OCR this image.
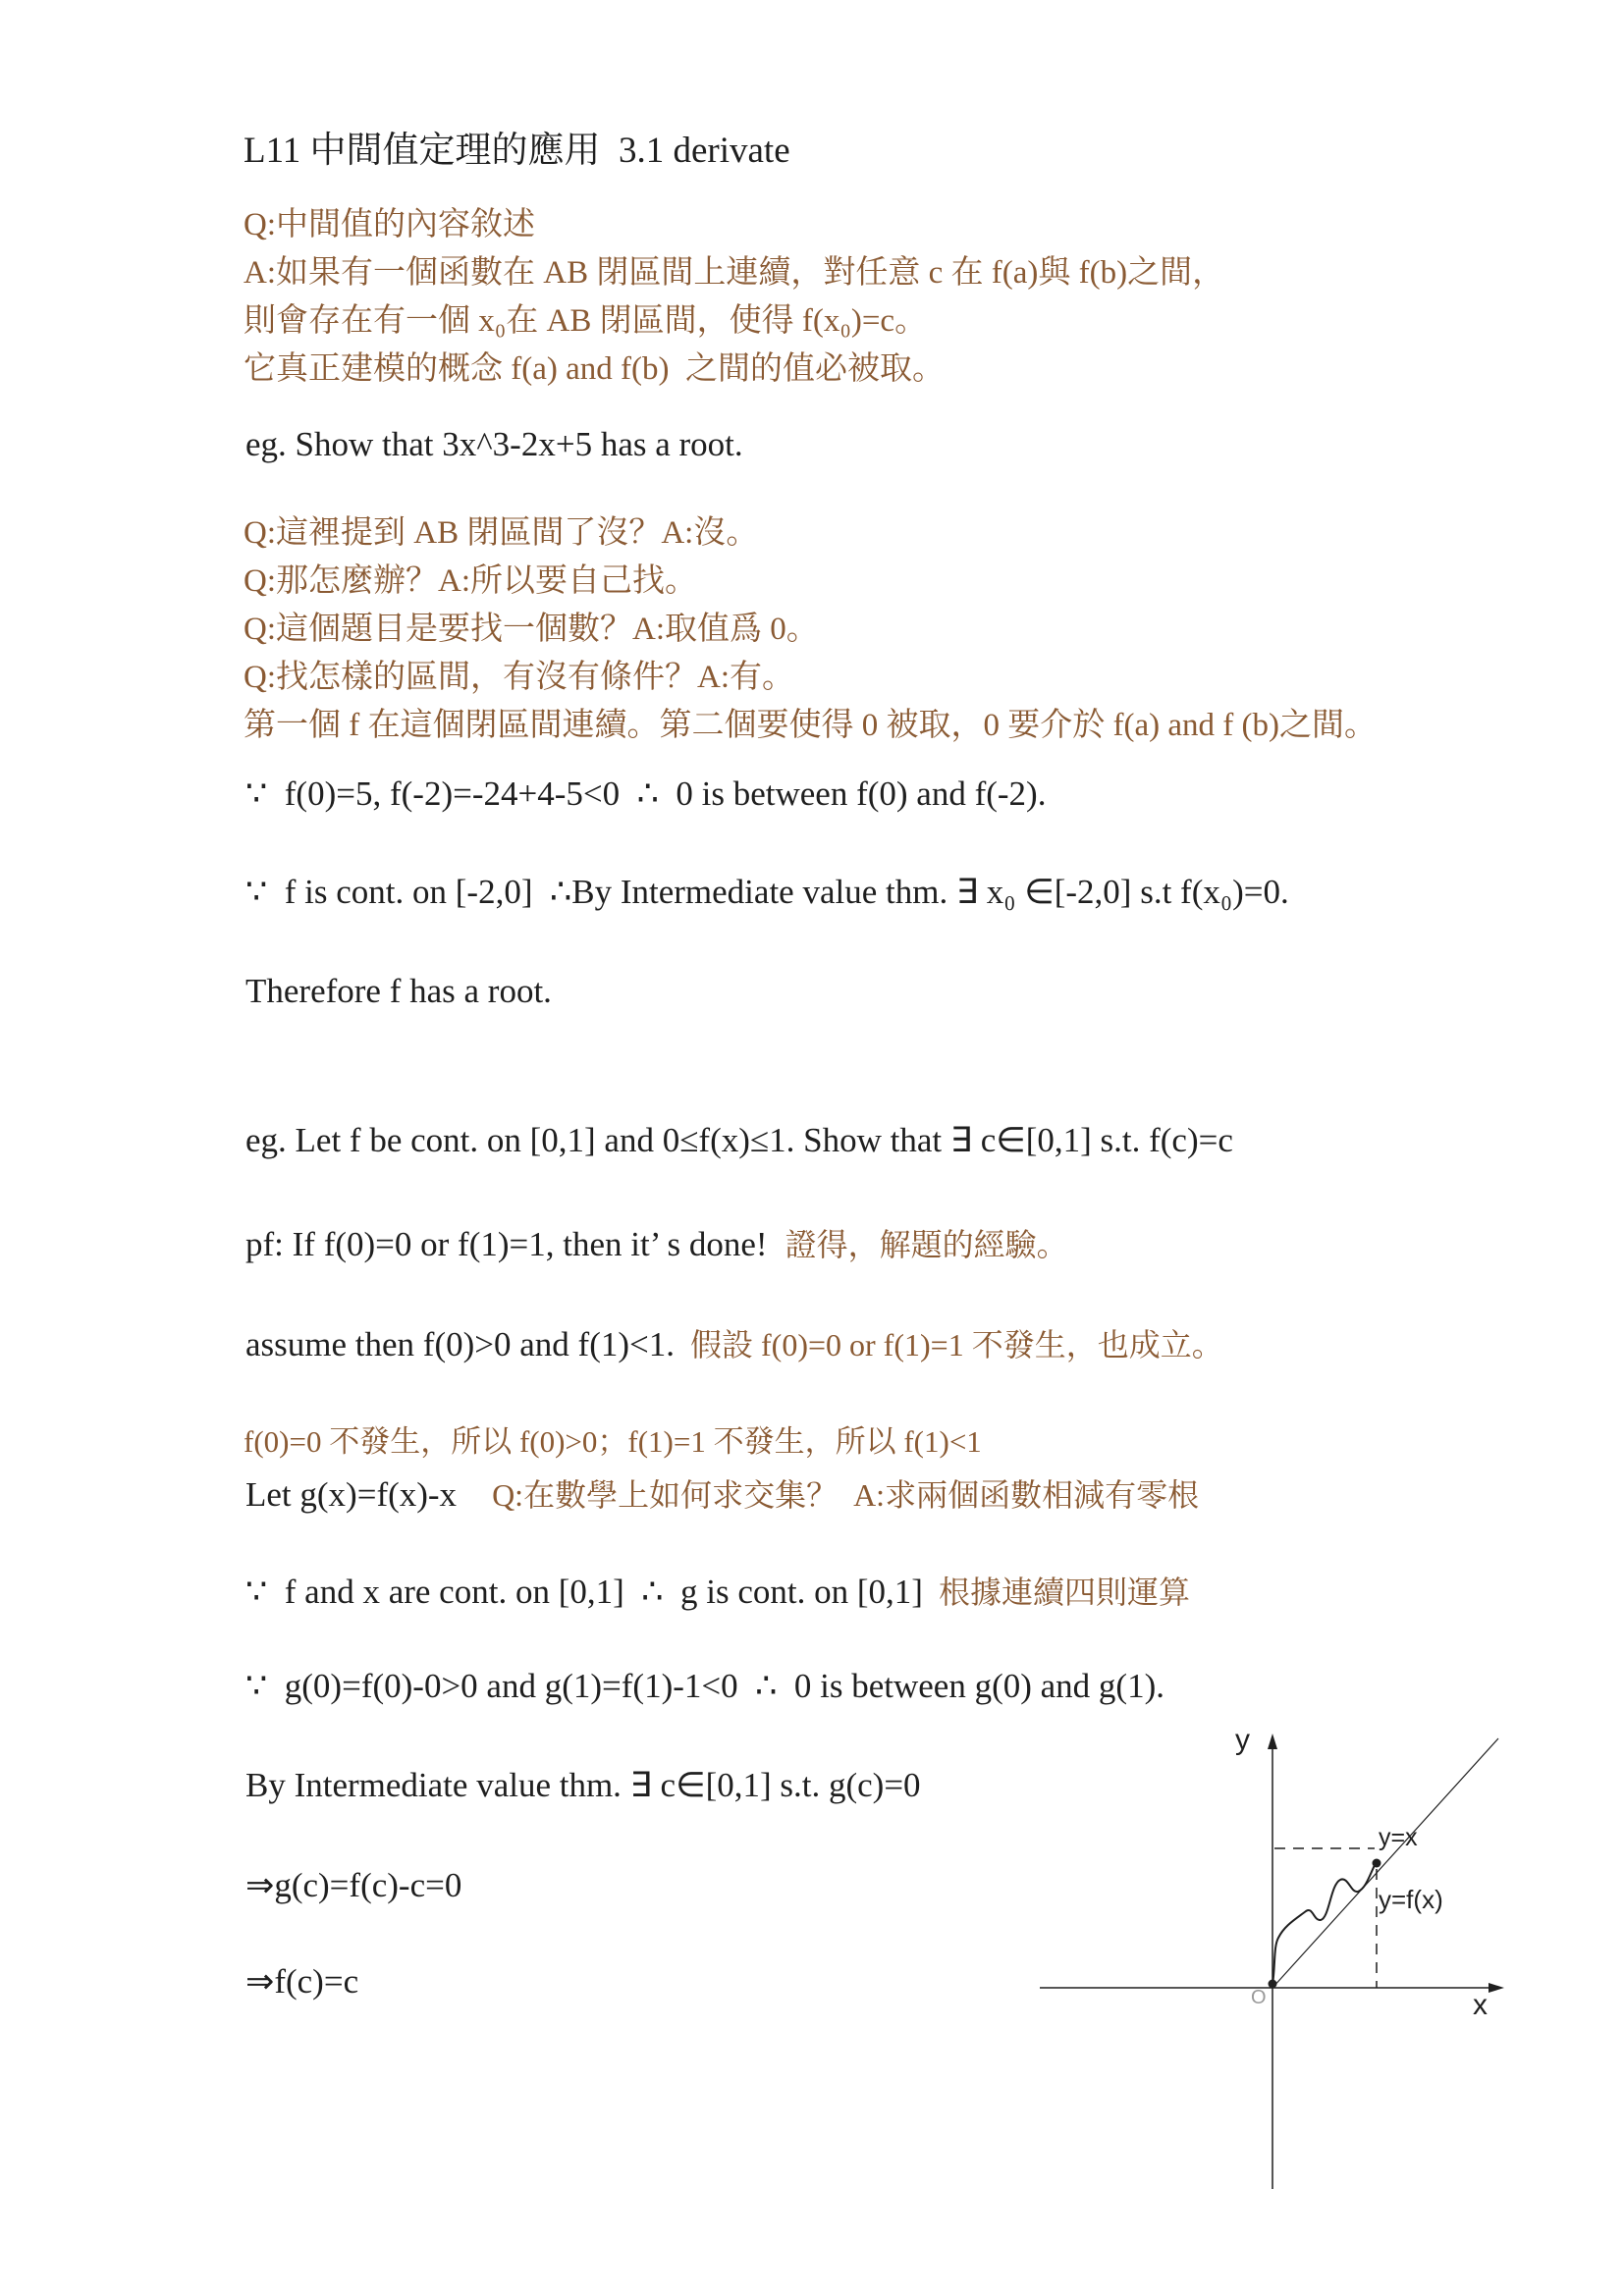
L11 中間值定理的應用  3.1 derivate
Q:中間值的內容敘述
A:如果有一個函數在 AB 閉區間上連續，對任意 c 在 f(a)與 f(b)之間，
則會存在有一個 x₀在 AB 閉區間，使得 f(x₀)=c。
它真正建模的概念 f(a) and f(b)  之間的值必被取。
eg. Show that 3x^3-2x+5 has a root.
Q:這裡提到 AB 閉區間了沒？A:沒。
Q:那怎麼辦？A:所以要自己找。
Q:這個題目是要找一個數？A:取值爲 0。
Q:找怎樣的區間，有沒有條件？A:有。
第一個 f 在這個閉區間連續。第二個要使得 0 被取，0 要介於 f(a) and f (b)之間。
∵  f(0)=5, f(-2)=-24+4-5<0  ∴  0 is between f(0) and f(-2).
∵  f is cont. on [-2,0]  ∴By Intermediate value thm. ∃ x₀ ∈[-2,0] s.t f(x₀)=0.
Therefore f has a root.
eg. Let f be cont. on [0,1] and 0≤f(x)≤1. Show that ∃ c∈[0,1] s.t. f(c)=c
pf: If f(0)=0 or f(1)=1, then it’ s done! 證得，解題的經驗。
assume then f(0)>0 and f(1)<1. 假設 f(0)=0 or f(1)=1 不發生，也成立。
f(0)=0 不發生，所以 f(0)>0；f(1)=1 不發生，所以 f(1)<1
Let g(x)=f(x)-x Q:在數學上如何求交集？  A:求兩個函數相減有零根
∵  f and x are cont. on [0,1]  ∴  g is cont. on [0,1] 根據連續四則運算
∵  g(0)=f(0)-0>0 and g(1)=f(1)-1<0  ∴  0 is between g(0) and g(1).
By Intermediate value thm. ∃ c∈[0,1] s.t. g(c)=0
⇒g(c)=f(c)-c=0
⇒f(c)=c
y
x
O
y=x
y=f(x)
